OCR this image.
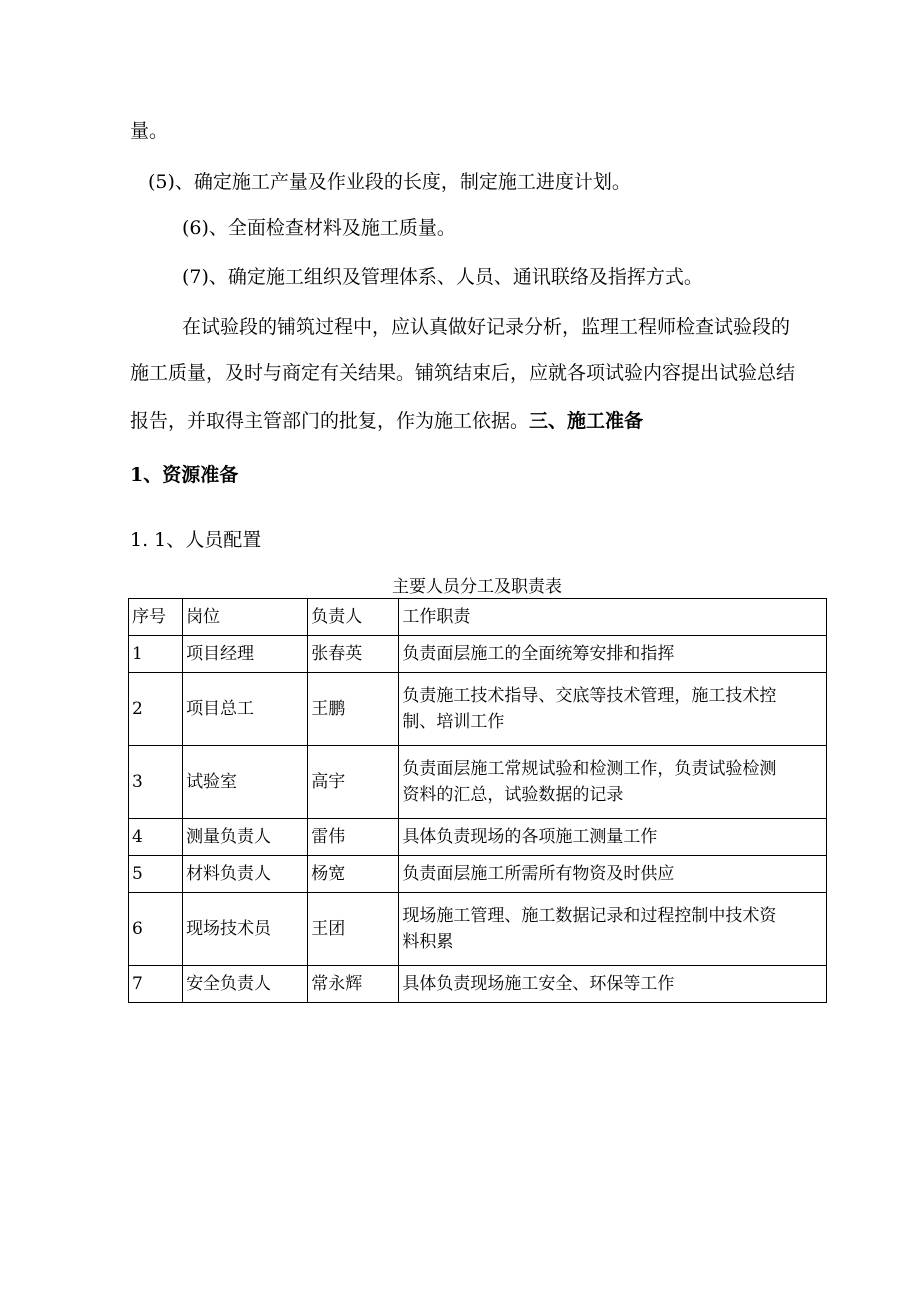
量。
(5)、确定施工产量及作业段的长度，制定施工进度计划。
(6)、全面检查材料及施工质量。
(7)、确定施工组织及管理体系、人员、通讯联络及指挥方式。
在试验段的铺筑过程中，应认真做好记录分析，监理工程师检查试验段的
施工质量，及时与商定有关结果。铺筑结束后，应就各项试验内容提出试验总结
报告，并取得主管部门的批复，作为施工依据。三、施工准备
1、资源准备
1. 1、人员配置
主要人员分工及职责表
序号	岗位	负责人	工作职责
1	项目经理	张春英	负责面层施工的全面统筹安排和指挥

2	项目总工	王鹏	负责施工技术指导、交底等技术管理，施工技术控
制、培训工作

3	试验室	高宇	负责面层施工常规试验和检测工作，负责试验检测
资料的汇总，试验数据的记录

4	测量负责人	雷伟	具体负责现场的各项施工测量工作

5	材料负责人	杨宽	负责面层施工所需所有物资及时供应

6	现场技术员	王团	现场施工管理、施工数据记录和过程控制中技术资
料积累

7	安全负责人	常永辉	具体负责现场施工安全、环保等工作
